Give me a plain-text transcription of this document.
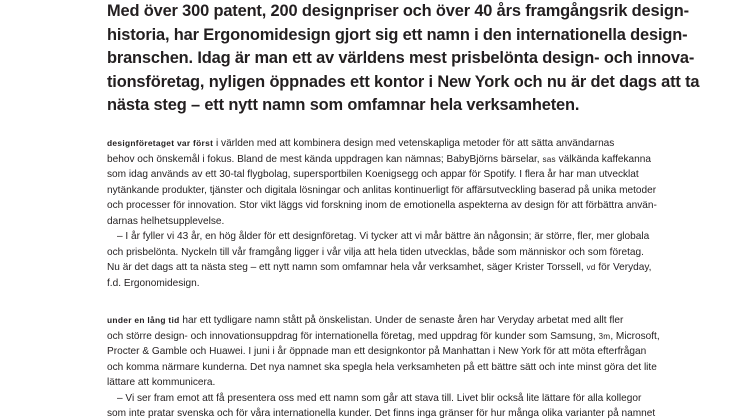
Med över 300 patent, 200 designpriser och över 40 års framgångsrik design-
historia, har Ergonomidesign gjort sig ett namn i den internationella design-
branschen. Idag är man ett av världens mest prisbelönta design- och innova-
tionsföretag, nyligen öppnades ett kontor i New York och nu är det dags att ta
nästa steg – ett nytt namn som omfamnar hela verksamheten.
designföretaget var först i världen med att kombinera design med vetenskapliga metoder för att sätta användarnas
behov och önskemål i fokus. Bland de mest kända uppdragen kan nämnas; BabyBjörns bärselar, sas välkända kaffekanna
som idag används av ett 30-tal flygbolag, supersportbilen Koenigsegg och appar för Spotify. I flera år har man utvecklat
nytänkande produkter, tjänster och digitala lösningar och anlitas kontinuerligt för affärsutveckling baserad på unika metoder
och processer för innovation. Stor vikt läggs vid forskning inom de emotionella aspekterna av design för att förbättra använ-
darnas helhetsupplevelse.
– I år fyller vi 43 år, en hög ålder för ett designföretag. Vi tycker att vi mår bättre än någonsin; är större, fler, mer globala
och prisbelönta. Nyckeln till vår framgång ligger i vår vilja att hela tiden utvecklas, både som människor och som företag.
Nu är det dags att ta nästa steg – ett nytt namn som omfamnar hela vår verksamhet, säger Krister Torssell, vd för Veryday,
f.d. Ergonomidesign.
under en lång tid har ett tydligare namn stått på önskelistan. Under de senaste åren har Veryday arbetat med allt fler
och större design- och innovationsuppdrag för internationella företag, med uppdrag för kunder som Samsung, 3m, Microsoft,
Procter & Gamble och Huawei. I juni i år öppnade man ett designkontor på Manhattan i New York för att möta efterfrågan
och komma närmare kunderna. Det nya namnet ska spegla hela verksamheten på ett bättre sätt och inte minst göra det lite
lättare att kommunicera.
– Vi ser fram emot att få presentera oss med ett namn som går att stava till. Livet blir också lite lättare för alla kollegor
som inte pratar svenska och för våra internationella kunder. Det finns inga gränser för hur många olika varianter på namnet
